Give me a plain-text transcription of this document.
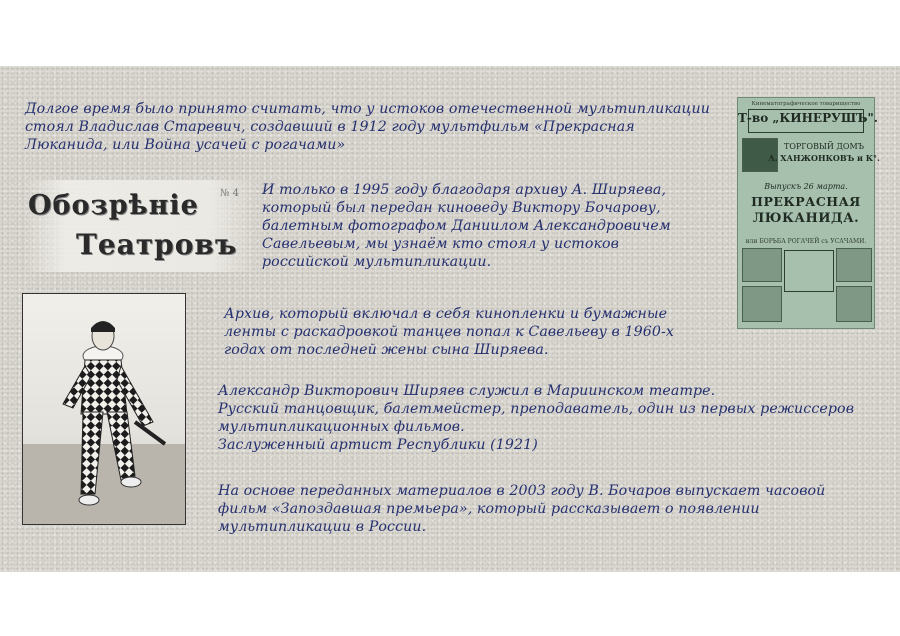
Долгое время было принято считать, что у истоков отечественной мультипликации
стоял Владислав Старевич, создавший в 1912 году мультфильм «Прекрасная
Люканида, или Война усачей с рогачами»
Обозрѣніе
Театровъ
№ 4 И только в 1995 году благодаря архиву А. Ширяева,
который был передан киноведу Виктору Бочарову,
балетным фотографом Даниилом Александровичем
Савельевым, мы узнаём кто стоял у истоков
российской мультипликации.
Кинематографическое товарищество
Т-во „КИНЕРУШЪ".
ТОРГОВЫЙ ДОМЪ
А. ХАНЖОНКОВЪ и К°.
Выпускъ 26 марта.
ПРЕКРАСНАЯ
ЛЮКАНИДА.
или БОРЬБА РОГАЧЕЙ съ УСАЧАМИ.
Архив, который включал в себя кинопленки и бумажные
ленты с раскадровкой танцев попал к Савельеву в 1960-х
годах от последней жены сына Ширяева.
Александр Викторович Ширяев служил в Мариинском театре.
Русский танцовщик, балетмейстер, преподаватель, один из первых режиссеров
мультипликационных фильмов.
Заслуженный артист Республики (1921)
На основе переданных материалов в 2003 году В. Бочаров выпускает часовой
фильм «Запоздавшая премьера», который рассказывает о появлении
мультипликации в России.
